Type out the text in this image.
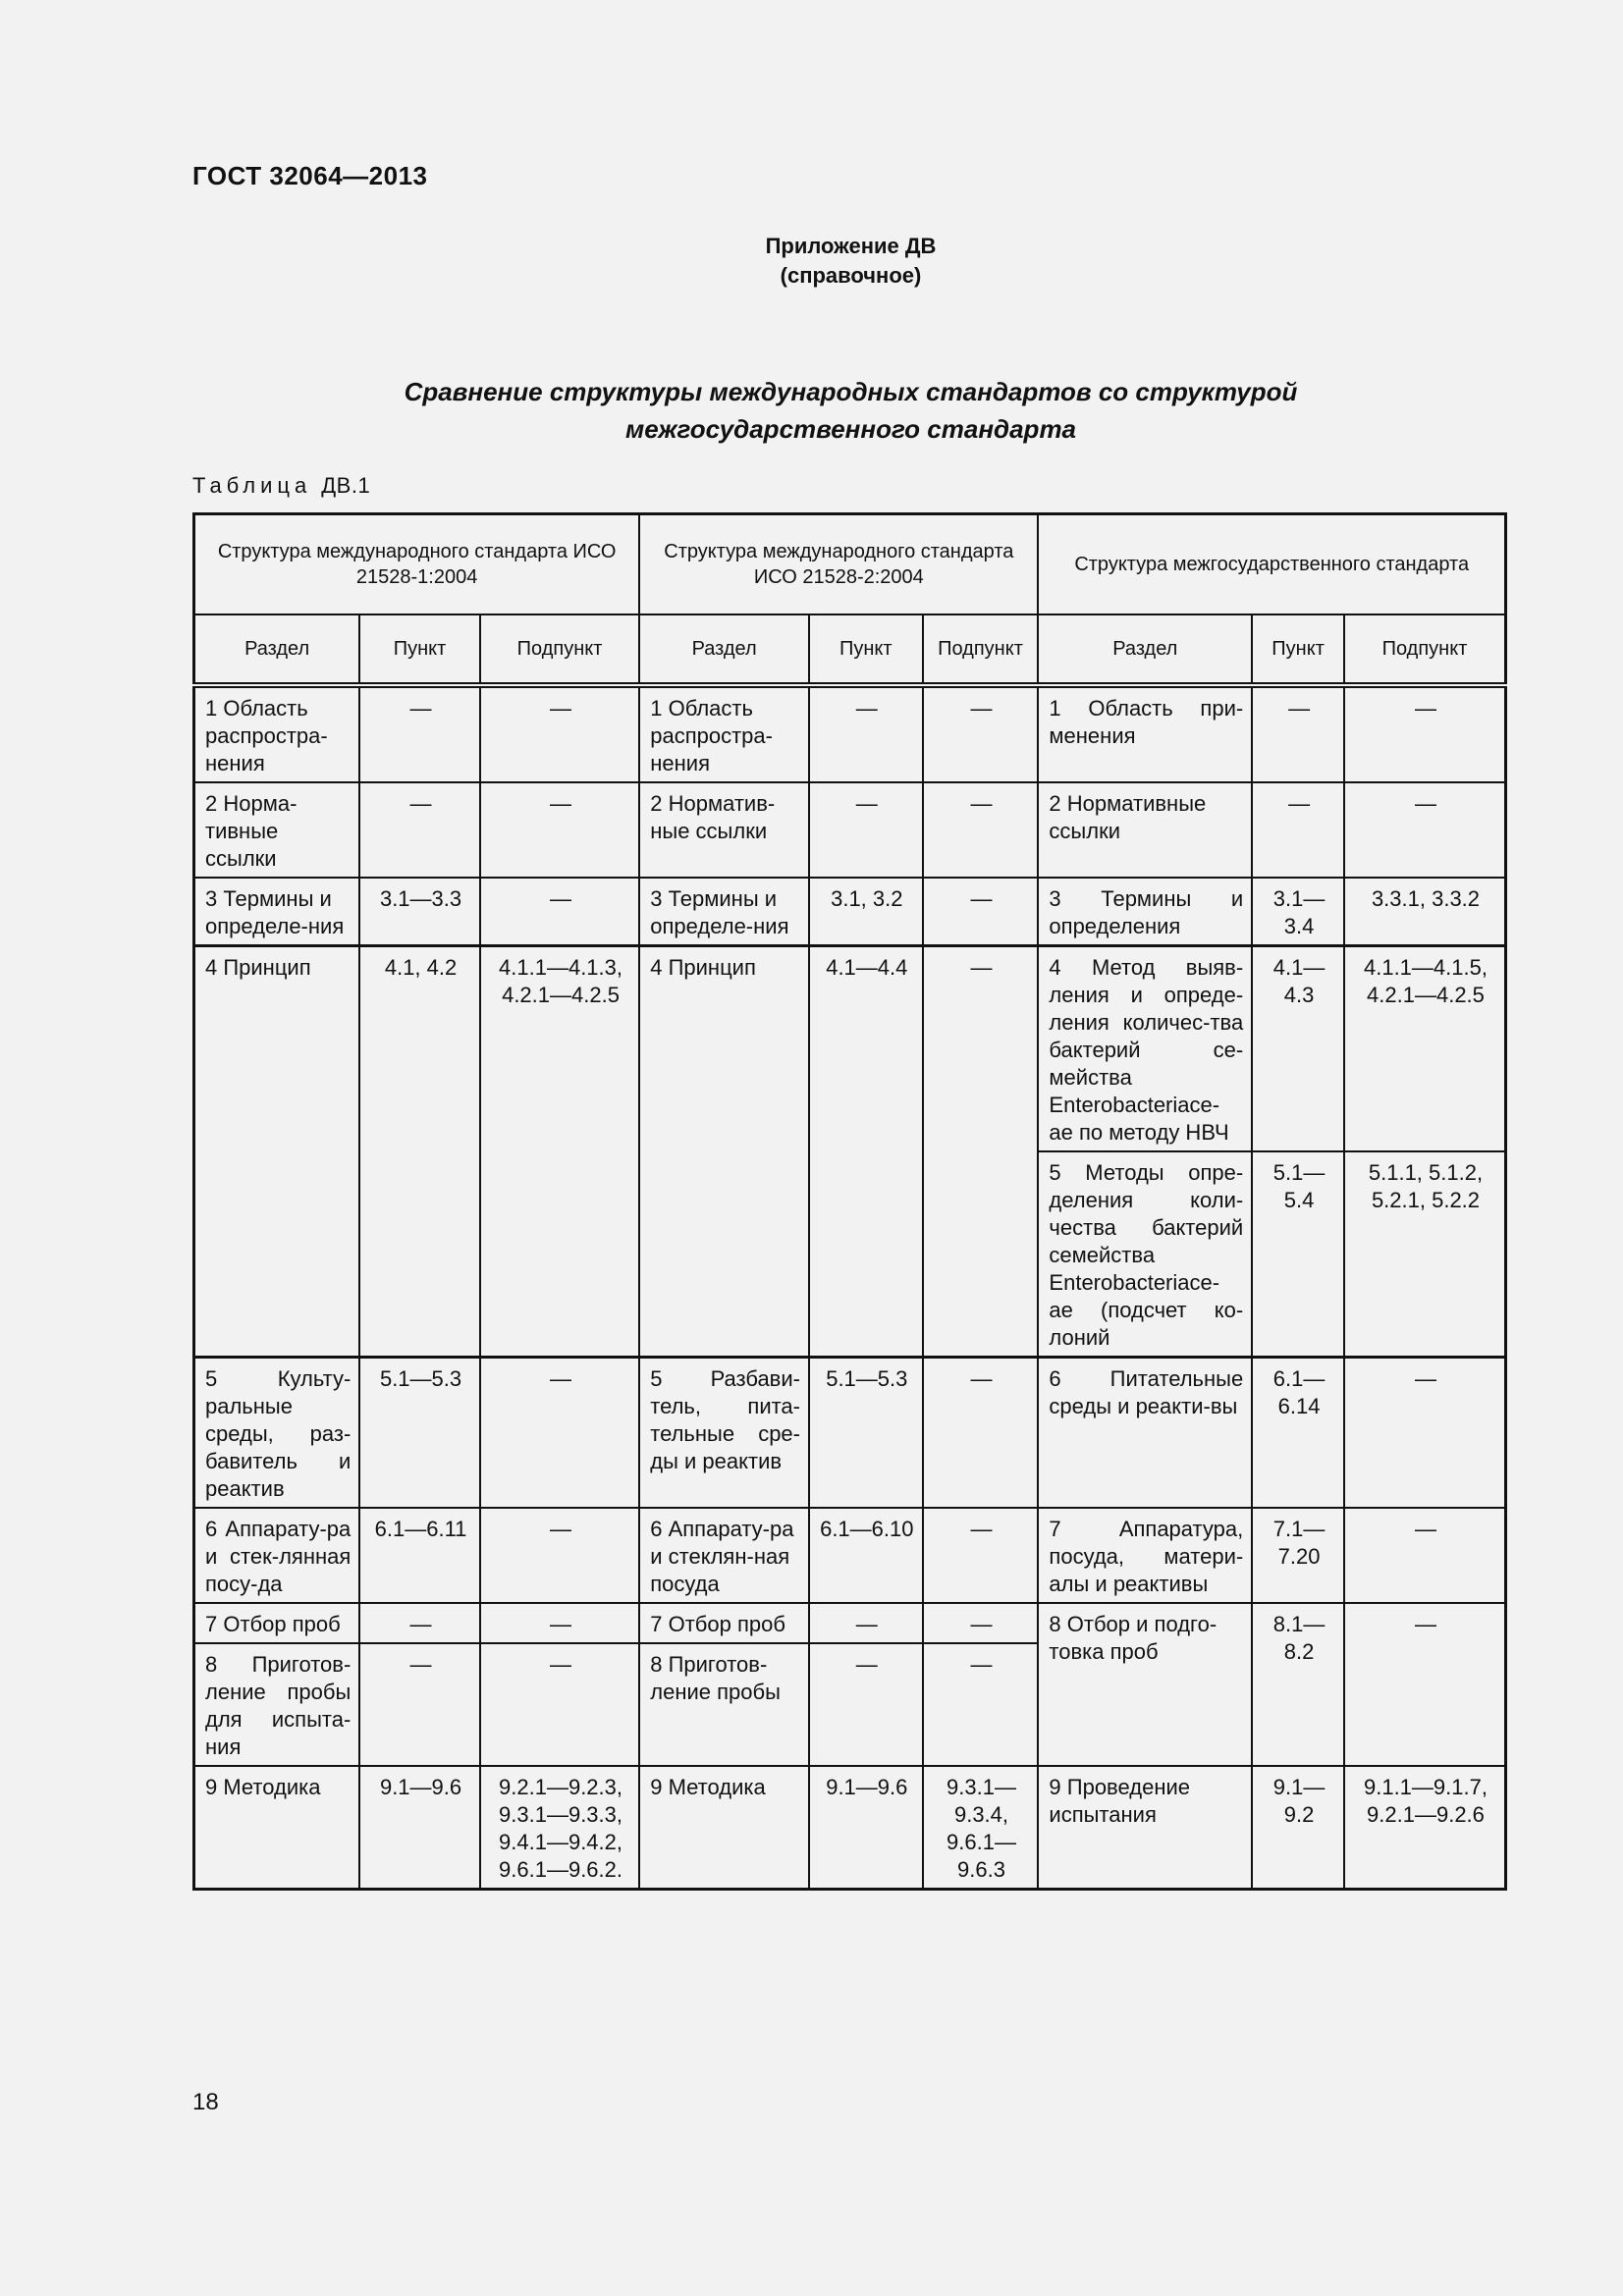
ГОСТ 32064—2013
Приложение ДВ
(справочное)
Сравнение структуры международных стандартов со структурой
межгосударственного стандарта
Таблица ДВ.1
Структура международного стандарта ИСО 21528-1:2004			Структура международного стандарта ИСО 21528-2:2004			Структура межгосударственного стандарта		
Раздел	Пункт	Подпункт	Раздел	Пункт	Подпункт	Раздел	Пункт	Подпункт
1 Область распростра-нения	—	—	1 Область распростра-нения	—	—	1 Область при-менения	—	—
2 Норма-тивные ссылки	—	—	2 Норматив-ные ссылки	—	—	2 Нормативные ссылки	—	—
3 Термины и определе-ния	3.1—3.3	—	3 Термины и определе-ния	3.1, 3.2	—	3 Термины и определения	3.1—3.4	3.3.1, 3.3.2
4 Принцип	4.1, 4.2	4.1.1—4.1.3, 4.2.1—4.2.5	4 Принцип	4.1—4.4	—	4 Метод выяв-ления и опреде-ления количес-тва бактерий се-мейства Enterobacteriace-ae по методу НВЧ	4.1—4.3	4.1.1—4.1.5, 4.2.1—4.2.5
						5 Методы опре-деления коли-чества бактерий семейства Enterobacteriace-ae (подсчет ко-лоний	5.1—5.4	5.1.1, 5.1.2, 5.2.1, 5.2.2
5 Культу-ральные среды, раз-бавитель и реактив	5.1—5.3	—	5 Разбави-тель, пита-тельные сре-ды и реактив	5.1—5.3	—	6 Питательные среды и реакти-вы	6.1—6.14	—
6 Аппарату-ра и стек-лянная посу-да	6.1—6.11	—	6 Аппарату-ра и стеклян-ная посуда	6.1—6.10	—	7 Аппаратура, посуда, матери-алы и реактивы	7.1—7.20	—
7 Отбор проб	—	—	7 Отбор проб	—	—	8 Отбор и подго-товка проб	8.1—8.2	—
8 Приготов-ление пробы для испыта-ния	—	—	8 Приготов-ление пробы	—	—			
9 Методика	9.1—9.6	9.2.1—9.2.3, 9.3.1—9.3.3, 9.4.1—9.4.2, 9.6.1—9.6.2.	9 Методика	9.1—9.6	9.3.1—9.3.4, 9.6.1—9.6.3	9 Проведение испытания	9.1—9.2	9.1.1—9.1.7, 9.2.1—9.2.6
18
